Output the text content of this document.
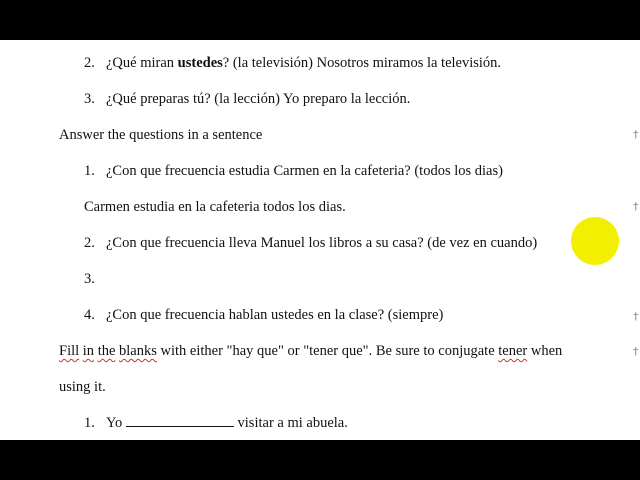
2. ¿Qué miran ustedes? (la televisión) Nosotros miramos la televisión.
3. ¿Qué preparas tú? (la lección) Yo preparo la lección.
Answer the questions in a sentence
1. ¿Con que frecuencia estudia Carmen en la cafeteria? (todos los dias)
Carmen estudia en la cafeteria todos los dias.
2. ¿Con que frecuencia lleva Manuel los libros a su casa? (de vez en cuando)
3.
4. ¿Con que frecuencia hablan ustedes en la clase? (siempre)
Fill in the blanks with either "hay que" or "tener que". Be sure to conjugate tener when
using it.
1. Yo	visitar a mi abuela.
†
†
†
†
